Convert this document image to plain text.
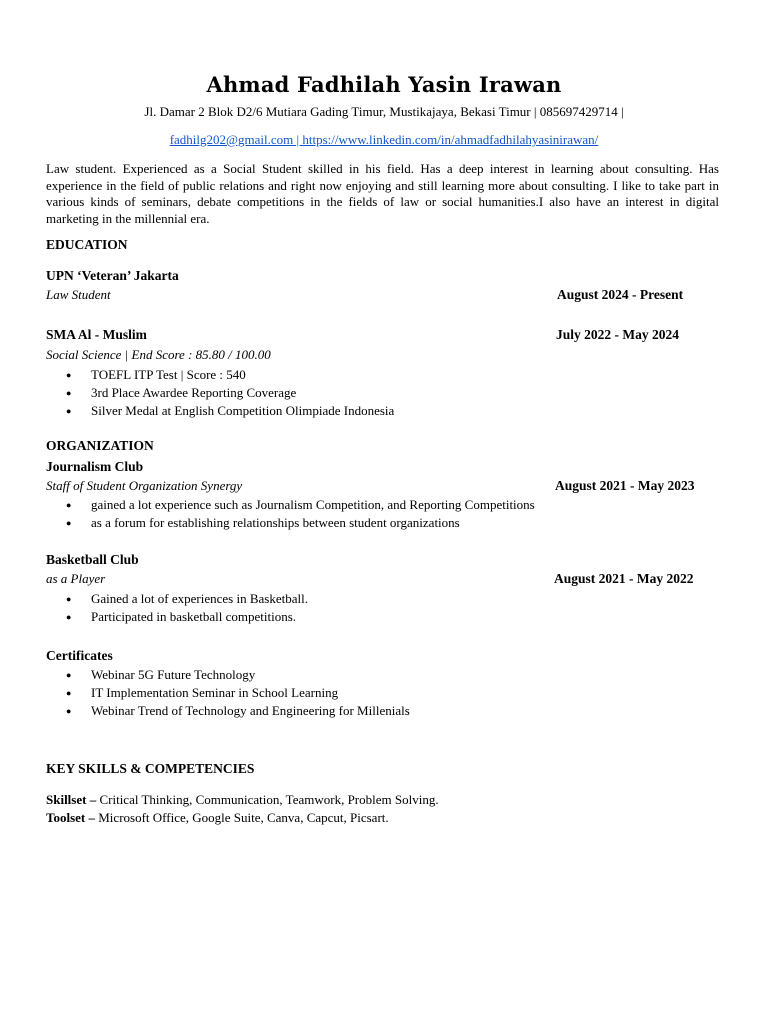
Ahmad Fadhilah Yasin Irawan
Jl. Damar 2 Blok D2/6 Mutiara Gading Timur, Mustikajaya, Bekasi Timur | 085697429714 |
fadhilg202@gmail.com | https://www.linkedin.com/in/ahmadfadhilahyasinirawan/
Law student. Experienced as a Social Student skilled in his field. Has a deep interest in learning about consulting. Has experience in the field of public relations and right now enjoying and still learning more about consulting. I like to take part in various kinds of seminars, debate competitions in the fields of law or social humanities.I also have an interest in digital marketing in the millennial era.
EDUCATION
UPN ‘Veteran’ Jakarta
Law Student	August 2024 - Present
SMA Al - Muslim	July 2022 - May 2024
Social Science | End Score : 85.80 / 100.00
● TOEFL ITP Test | Score : 540
● 3rd Place Awardee Reporting Coverage
● Silver Medal at English Competition Olimpiade Indonesia
ORGANIZATION
Journalism Club
Staff of Student Organization Synergy	August 2021 - May 2023
● gained a lot experience such as Journalism Competition, and Reporting Competitions
● as a forum for establishing relationships between student organizations
Basketball Club
as a Player	August 2021 - May 2022
● Gained a lot of experiences in Basketball.
● Participated in basketball competitions.
Certificates
● Webinar 5G Future Technology
● IT Implementation Seminar in School Learning
● Webinar Trend of Technology and Engineering for Millenials
KEY SKILLS & COMPETENCIES
Skillset – Critical Thinking, Communication, Teamwork, Problem Solving.
Toolset – Microsoft Office, Google Suite, Canva, Capcut, Picsart.
